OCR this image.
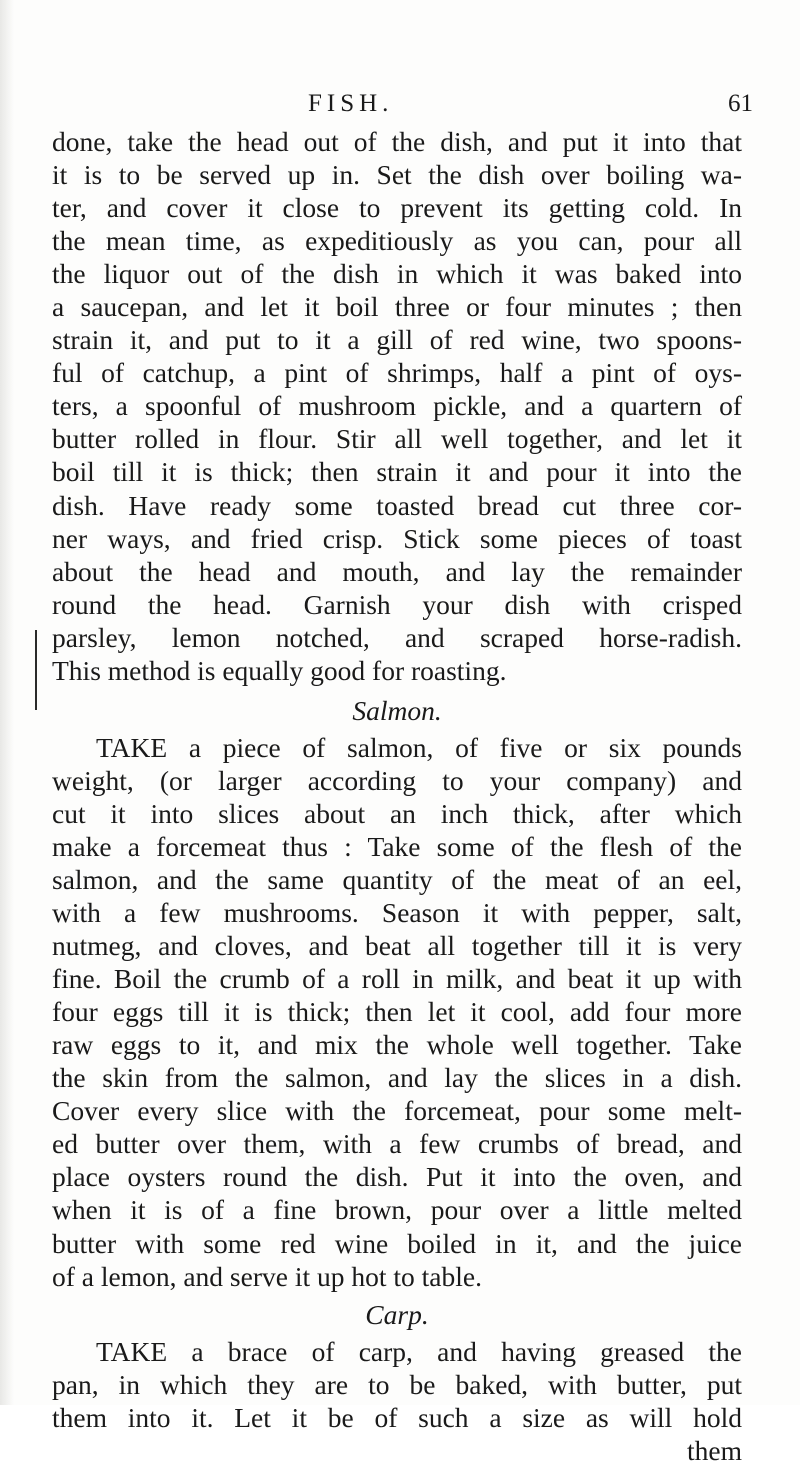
FISH.	61
done, take the head out of the dish, and put it into that
it is to be served up in. Set the dish over boiling wa-
ter, and cover it close to prevent its getting cold. In
the mean time, as expeditiously as you can, pour all
the liquor out of the dish in which it was baked into
a saucepan, and let it boil three or four minutes ; then
strain it, and put to it a gill of red wine, two spoons-
ful of catchup, a pint of shrimps, half a pint of oys-
ters, a spoonful of mushroom pickle, and a quartern of
butter rolled in flour. Stir all well together, and let it
boil till it is thick; then strain it and pour it into the
dish. Have ready some toasted bread cut three cor-
ner ways, and fried crisp. Stick some pieces of toast
about the head and mouth, and lay the remainder
round the head. Garnish your dish with crisped
parsley, lemon notched, and scraped horse-radish.
This method is equally good for roasting.
Salmon.
TAKE a piece of salmon, of five or six pounds
weight, (or larger according to your company) and
cut it into slices about an inch thick, after which
make a forcemeat thus : Take some of the flesh of the
salmon, and the same quantity of the meat of an eel,
with a few mushrooms. Season it with pepper, salt,
nutmeg, and cloves, and beat all together till it is very
fine. Boil the crumb of a roll in milk, and beat it up with
four eggs till it is thick; then let it cool, add four more
raw eggs to it, and mix the whole well together. Take
the skin from the salmon, and lay the slices in a dish.
Cover every slice with the forcemeat, pour some melt-
ed butter over them, with a few crumbs of bread, and
place oysters round the dish. Put it into the oven, and
when it is of a fine brown, pour over a little melted
butter with some red wine boiled in it, and the juice
of a lemon, and serve it up hot to table.
Carp.
TAKE a brace of carp, and having greased the
pan, in which they are to be baked, with butter, put
them into it. Let it be of such a size as will hold
them
